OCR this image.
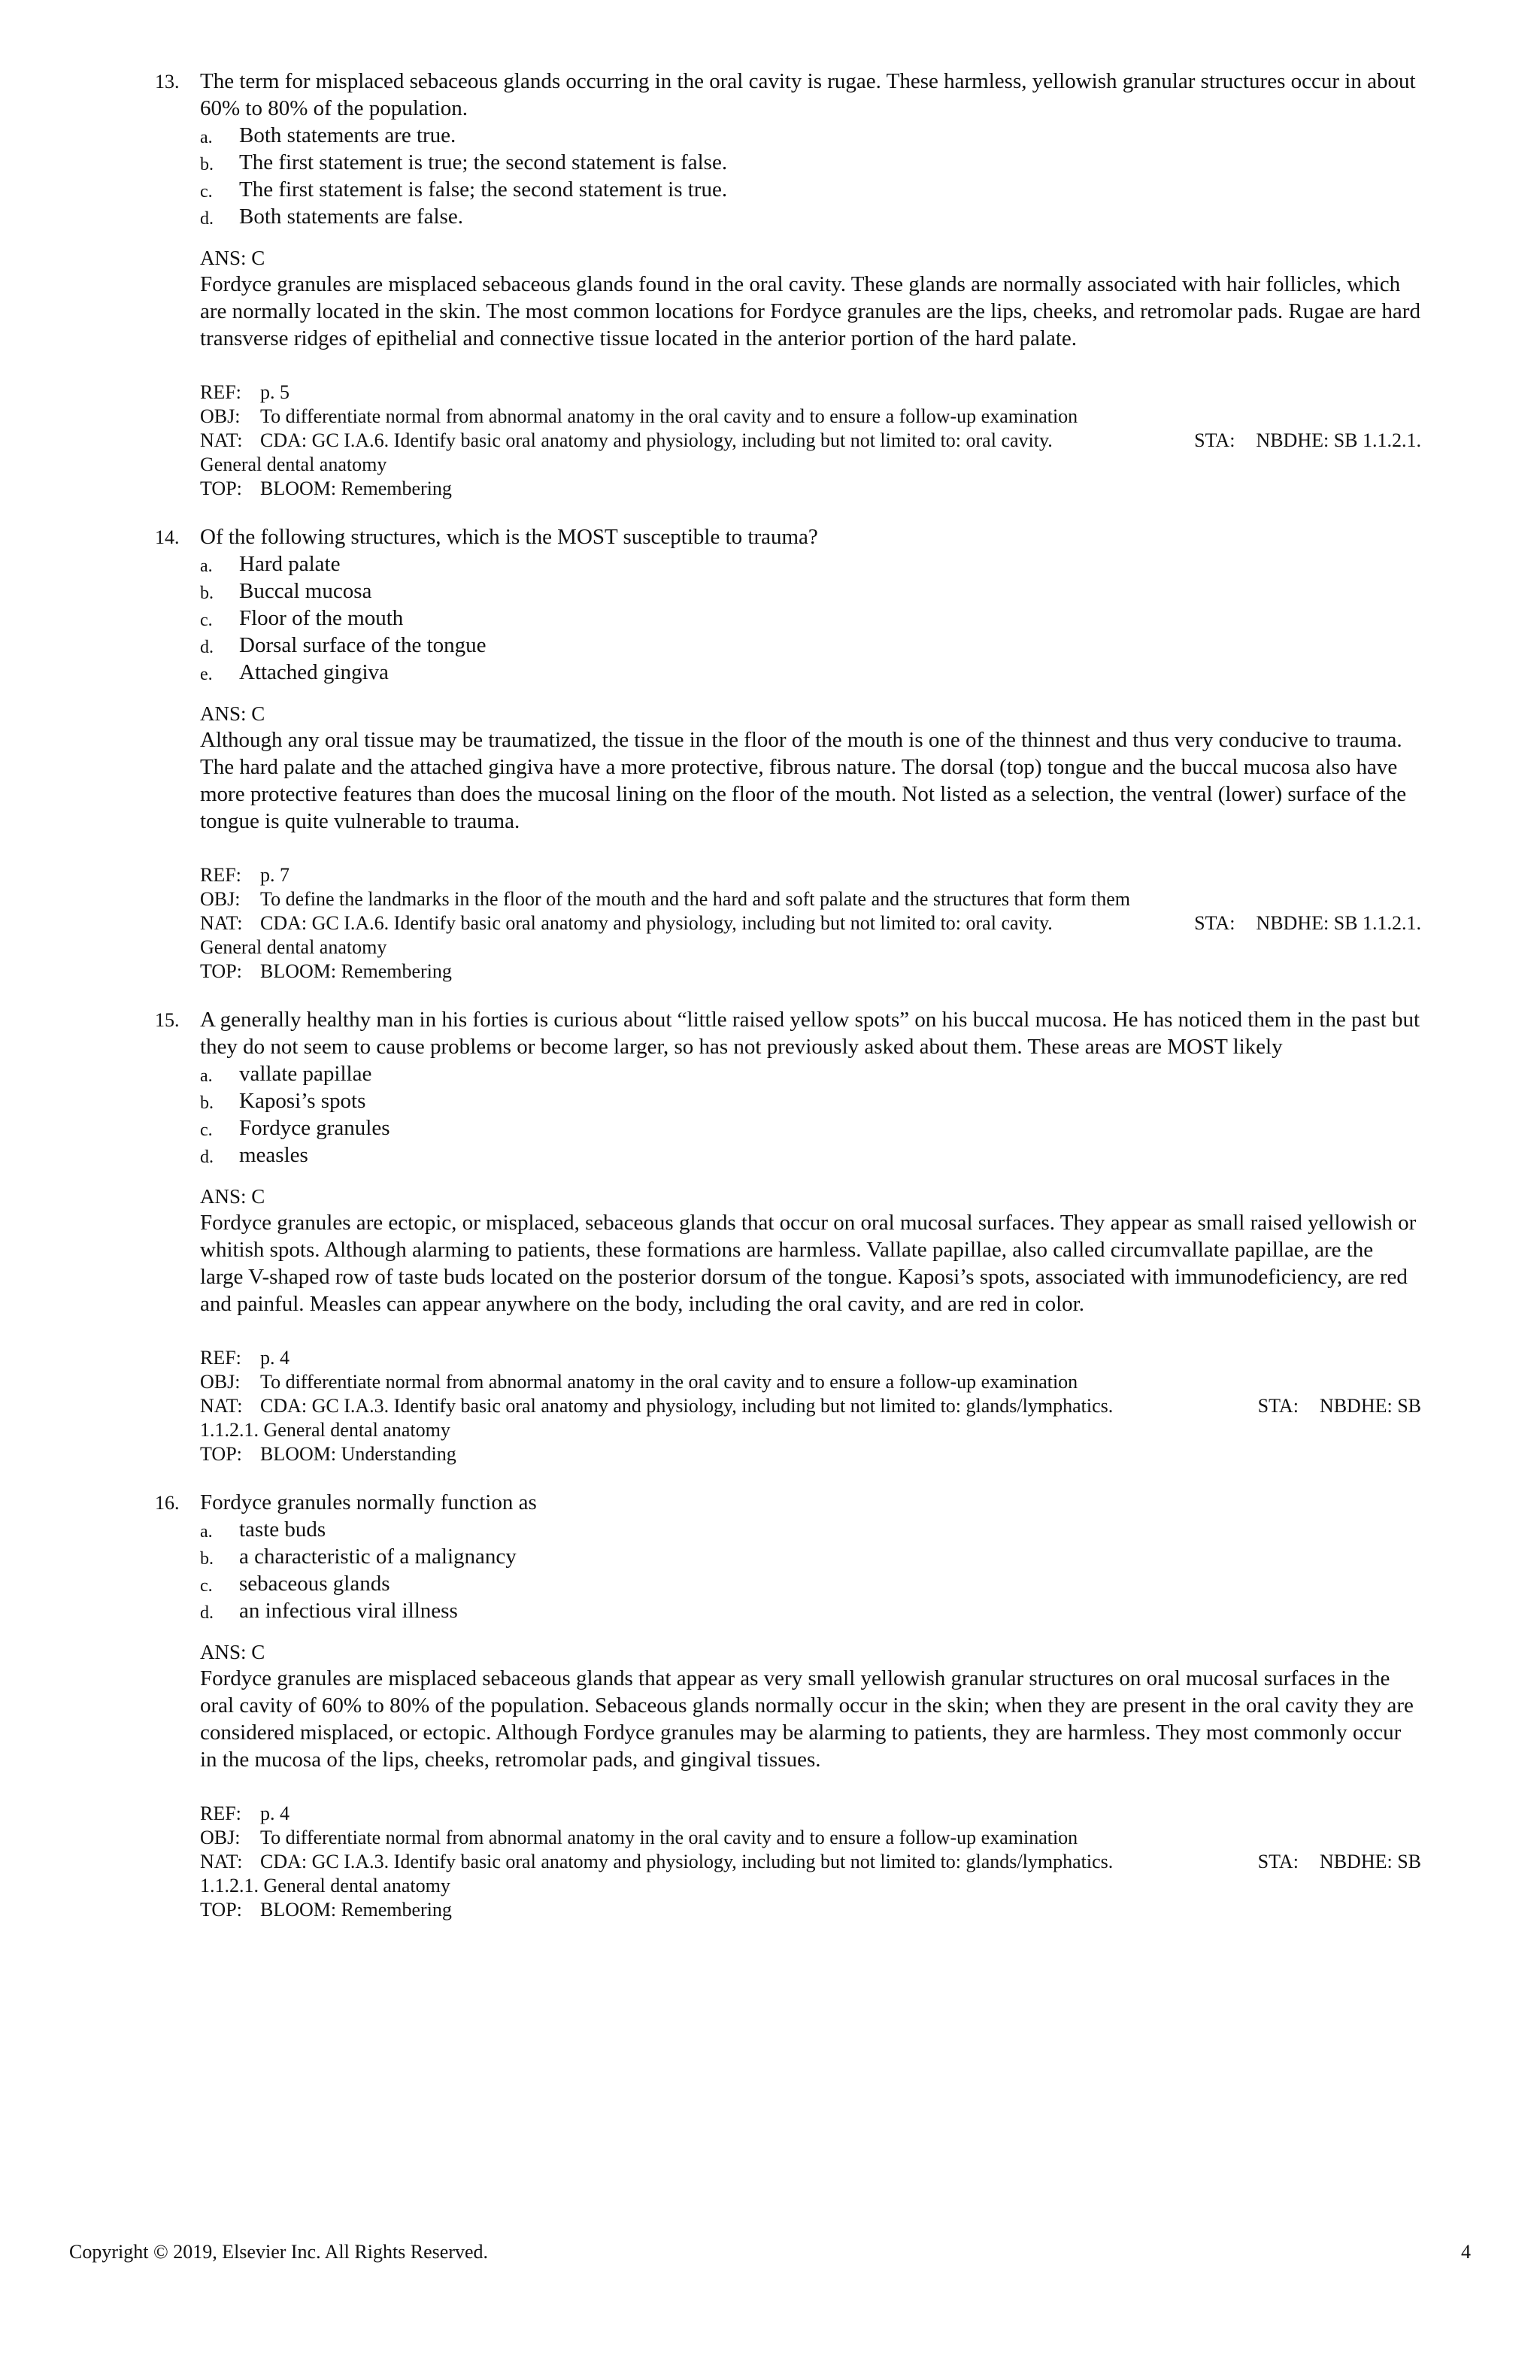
13. The term for misplaced sebaceous glands occurring in the oral cavity is rugae. These harmless, yellowish granular structures occur in about 60% to 80% of the population.

a. Both statements are true.
b. The first statement is true; the second statement is false.
c. The first statement is false; the second statement is true.
d. Both statements are false.
ANS: C

Fordyce granules are misplaced sebaceous glands found in the oral cavity. These glands are normally associated with hair follicles, which are normally located in the skin. The most common locations for Fordyce granules are the lips, cheeks, and retromolar pads. Rugae are hard transverse ridges of epithelial and connective tissue located in the anterior portion of the hard palate.

REF: p. 5
OBJ: To differentiate normal from abnormal anatomy in the oral cavity and to ensure a follow-up examination
NAT: CDA: GC I.A.6. Identify basic oral anatomy and physiology, including but not limited to: oral cavity.	STA: NBDHE: SB 1.1.2.1.
General dental anatomy
TOP: BLOOM: Remembering
14. Of the following structures, which is the MOST susceptible to trauma?

a. Hard palate
b. Buccal mucosa
c. Floor of the mouth
d. Dorsal surface of the tongue
e. Attached gingiva
ANS: C

Although any oral tissue may be traumatized, the tissue in the floor of the mouth is one of the thinnest and thus very conducive to trauma. The hard palate and the attached gingiva have a more protective, fibrous nature. The dorsal (top) tongue and the buccal mucosa also have more protective features than does the mucosal lining on the floor of the mouth. Not listed as a selection, the ventral (lower) surface of the tongue is quite vulnerable to trauma.

REF: p. 7
OBJ: To define the landmarks in the floor of the mouth and the hard and soft palate and the structures that form them
NAT: CDA: GC I.A.6. Identify basic oral anatomy and physiology, including but not limited to: oral cavity.	STA: NBDHE: SB 1.1.2.1.
General dental anatomy
TOP: BLOOM: Remembering
15. A generally healthy man in his forties is curious about “little raised yellow spots” on his buccal mucosa. He has noticed them in the past but they do not seem to cause problems or become larger, so has not previously asked about them. These areas are MOST likely

a. vallate papillae
b. Kaposi’s spots
c. Fordyce granules
d. measles
ANS: C

Fordyce granules are ectopic, or misplaced, sebaceous glands that occur on oral mucosal surfaces. They appear as small raised yellowish or whitish spots. Although alarming to patients, these formations are harmless. Vallate papillae, also called circumvallate papillae, are the large V-shaped row of taste buds located on the posterior dorsum of the tongue. Kaposi’s spots, associated with immunodeficiency, are red and painful. Measles can appear anywhere on the body, including the oral cavity, and are red in color.

REF: p. 4
OBJ: To differentiate normal from abnormal anatomy in the oral cavity and to ensure a follow-up examination
NAT: CDA: GC I.A.3. Identify basic oral anatomy and physiology, including but not limited to: glands/lymphatics.	STA: NBDHE: SB
1.1.2.1. General dental anatomy
TOP: BLOOM: Understanding
16. Fordyce granules normally function as

a. taste buds
b. a characteristic of a malignancy
c. sebaceous glands
d. an infectious viral illness
ANS: C

Fordyce granules are misplaced sebaceous glands that appear as very small yellowish granular structures on oral mucosal surfaces in the oral cavity of 60% to 80% of the population. Sebaceous glands normally occur in the skin; when they are present in the oral cavity they are considered misplaced, or ectopic. Although Fordyce granules may be alarming to patients, they are harmless. They most commonly occur in the mucosa of the lips, cheeks, retromolar pads, and gingival tissues.

REF: p. 4
OBJ: To differentiate normal from abnormal anatomy in the oral cavity and to ensure a follow-up examination
NAT: CDA: GC I.A.3. Identify basic oral anatomy and physiology, including but not limited to: glands/lymphatics.	STA: NBDHE: SB
1.1.2.1. General dental anatomy
TOP: BLOOM: Remembering
Copyright © 2019, Elsevier Inc. All Rights Reserved.	4
